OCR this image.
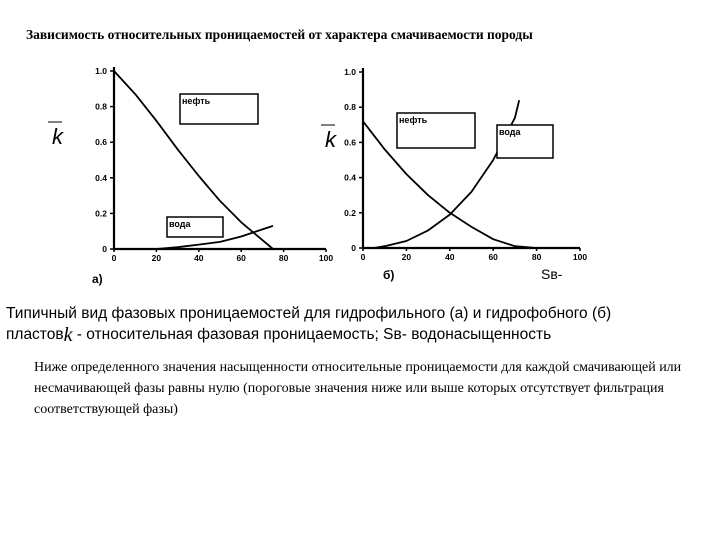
Зависимость относительных проницаемостей от характера смачиваемости породы
k
0
0.2
0.4
0.6
0.8
1.0
0	20	40	60	80	100
нефть
вода
а)
k
0
0.2
0.4
0.6
0.8
1.0
0	20	40	60	80	100
нефть
вода
б)	Sв-
Типичный вид фазовых проницаемостей для гидрофильного (а) и гидрофобного (б)
пластовk - относительная фазовая проницаемость; Sв- водонасыщенность
Ниже определенного значения насыщенности относительные проницаемости для каждой смачивающей или несмачивающей фазы равны нулю (пороговые значения ниже или выше которых отсутствует фильтрация соответствующей фазы)
